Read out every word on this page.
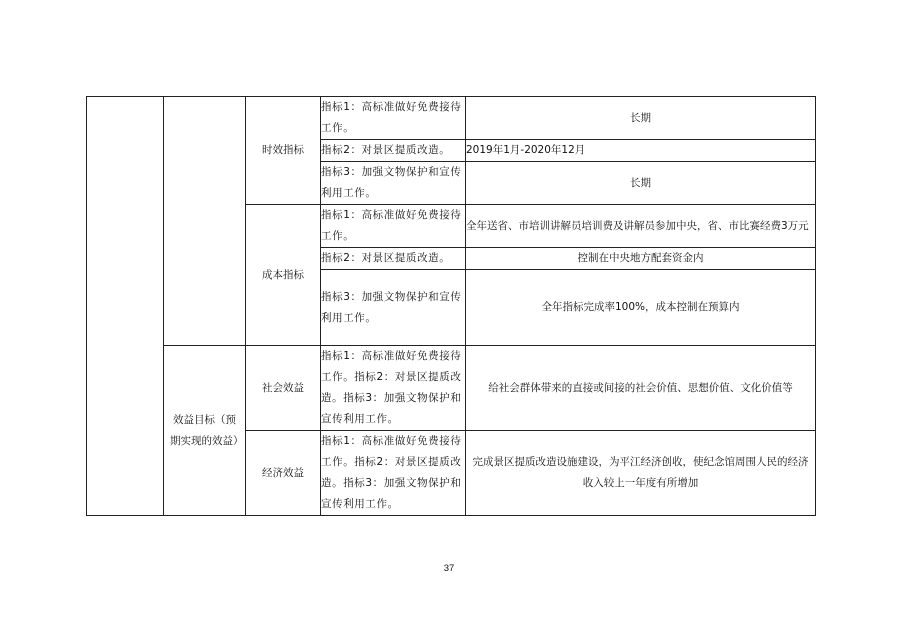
		时效指标	指标1：高标准做好免费接待工作。	长期
			指标2：对景区提质改造。	2019年1月-2020年12月
			指标3：加强文物保护和宣传利用工作。	长期
		成本指标	指标1：高标准做好免费接待工作。	全年送省、市培训讲解员培训费及讲解员参加中央，省、市比赛经费3万元
			指标2：对景区提质改造。	控制在中央地方配套资金内
			指标3：加强文物保护和宣传利用工作。	全年指标完成率100%，成本控制在预算内
	效益目标（预期实现的效益）	社会效益	指标1：高标准做好免费接待工作。指标2：对景区提质改造。指标3：加强文物保护和宣传利用工作。	给社会群体带来的直接或间接的社会价值、思想价值、文化价值等

		经济效益	指标1：高标准做好免费接待工作。指标2：对景区提质改造。指标3：加强文物保护和宣传利用工作。	完成景区提质改造设施建设，为平江经济创收，使纪念馆周围人民的经济收入较上一年度有所增加

37
